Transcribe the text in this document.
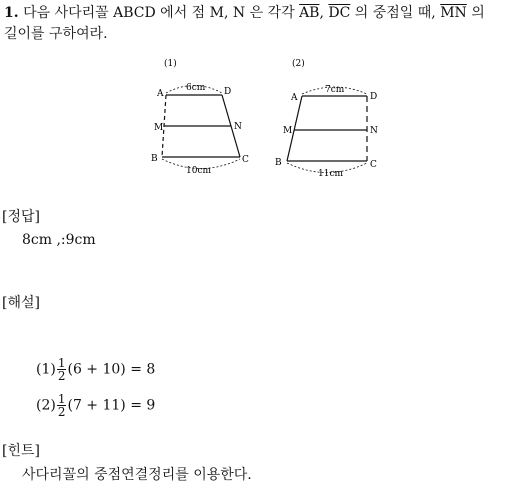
1. 다음 사다리꼴 ABCD 에서 점 M, N 은 각각 $\overline{AB}$, $\overline{DC}$ 의 중점일 때, $\overline{MN}$ 의
길이를 구하여라.
(1)
6cm
10cm
A	D
M	N
B	C
(2)
7cm
11cm
A	D
M	N
B	C
[정답]
8cm ,:9cm
[해설]
$(1) \frac{1}{2} (6 + 10) = 8$
$(2) \frac{1}{2} (7 + 11) = 9$
[힌트]
사다리꼴의 중점연결정리를 이용한다.
